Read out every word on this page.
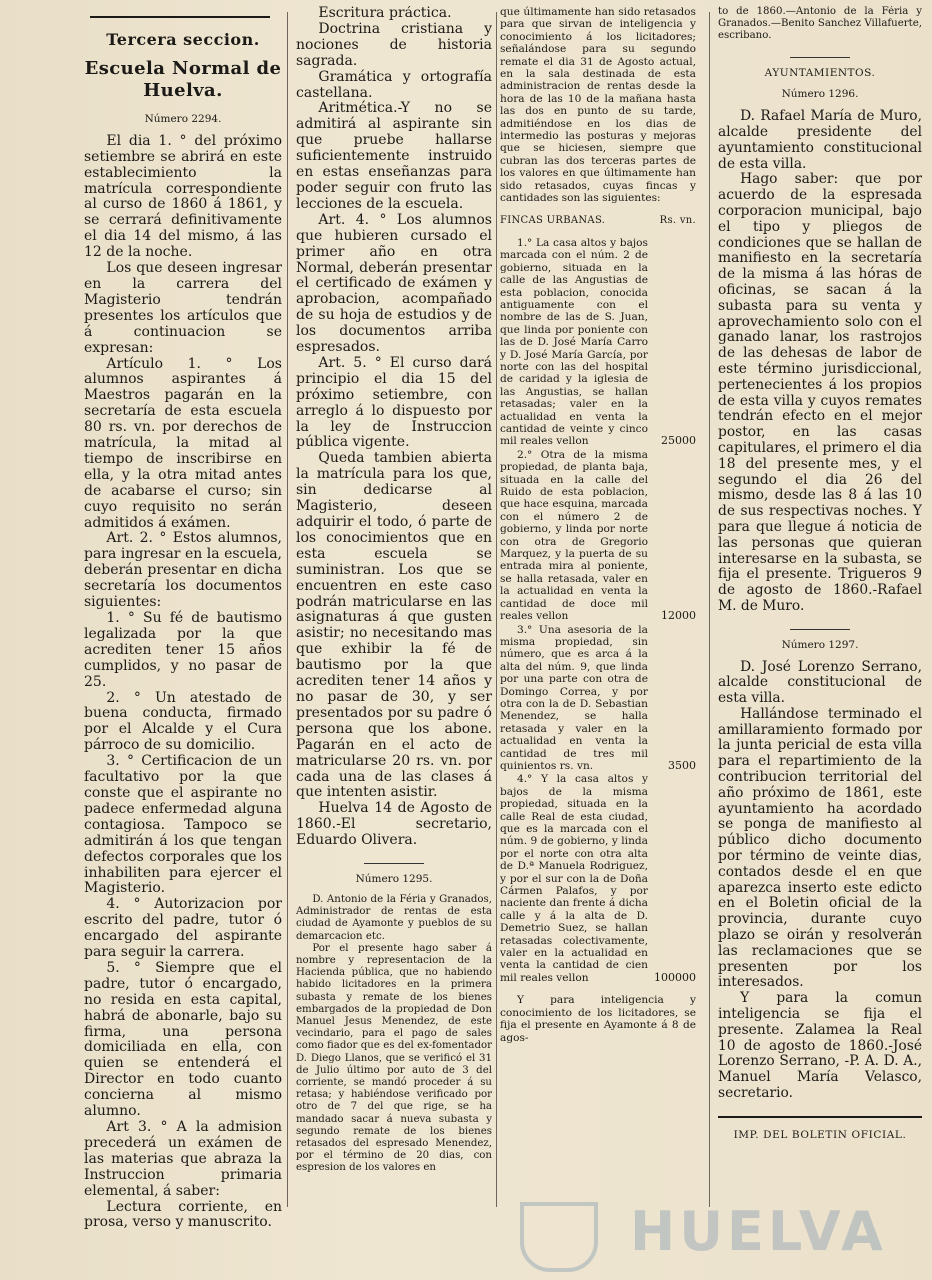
Tercera seccion.
Escuela Normal de Huelva.
Número 2294.

El dia 1. ° del próximo setiembre se abrirá en este establecimiento la matrícula correspondiente al curso de 1860 á 1861, y se cerrará definitivamente el dia 14 del mismo, á las 12 de la noche.

Los que deseen ingresar en la carrera del Magisterio tendrán presentes los artículos que á continuacion se expresan:

Artículo 1. ° Los alumnos aspirantes á Maestros pagarán en la secretaría de esta escuela 80 rs. vn. por derechos de matrícula, la mitad al tiempo de inscribirse en ella, y la otra mitad antes de acabarse el curso; sin cuyo requisito no serán admitidos á exámen.

Art. 2. ° Estos alumnos, para ingresar en la escuela, deberán presentar en dicha secretaría los documentos siguientes:

1. ° Su fé de bautismo legalizada por la que acrediten tener 15 años cumplidos, y no pasar de 25.

2. ° Un atestado de buena conducta, firmado por el Alcalde y el Cura párroco de su domicilio.

3. ° Certificacion de un facultativo por la que conste que el aspirante no padece enfermedad alguna contagiosa. Tampoco se admitirán á los que tengan defectos corporales que los inhabiliten para ejercer el Magisterio.

4. ° Autorizacion por escrito del padre, tutor ó encargado del aspirante para seguir la carrera.

5. ° Siempre que el padre, tutor ó encargado, no resida en esta capital, habrá de abonarle, bajo su firma, una persona domiciliada en ella, con quien se entenderá el Director en todo cuanto concierna al mismo alumno.

Art 3. ° A la admision precederá un exámen de las materias que abraza la Instruccion primaria elemental, á saber:

Lectura corriente, en prosa, verso y manuscrito.

Escritura práctica.

Doctrina cristiana y nociones de historia sagrada.

Gramática y ortografía castellana.

Aritmética.-Y no se admitirá al aspirante sin que pruebe hallarse suficientemente instruido en estas enseñanzas para poder seguir con fruto las lecciones de la escuela.

Art. 4. ° Los alumnos que hubieren cursado el primer año en otra Normal, deberán presentar el certificado de exámen y aprobacion, acompañado de su hoja de estudios y de los documentos arriba espresados.

Art. 5. ° El curso dará principio el dia 15 del próximo setiembre, con arreglo á lo dispuesto por la ley de Instruccion pública vigente.

Queda tambien abierta la matrícula para los que, sin dedicarse al Magisterio, deseen adquirir el todo, ó parte de los conocimientos que en esta escuela se suministran. Los que se encuentren en este caso podrán matricularse en las asignaturas á que gusten asistir; no necesitando mas que exhibir la fé de bautismo por la que acrediten tener 14 años y no pasar de 30, y ser presentados por su padre ó persona que los abone. Pagarán en el acto de matricularse 20 rs. vn. por cada una de las clases á que intenten asistir.

Huelva 14 de Agosto de 1860.-El secretario, Eduardo Olivera.

Número 1295.

D. Antonio de la Féria y Granados, Administrador de rentas de esta ciudad de Ayamonte y pueblos de su demarcacion etc.

Por el presente hago saber á nombre y representacion de la Hacienda pública, que no habiendo habido licitadores en la primera subasta y remate de los bienes embargados de la propiedad de Don Manuel Jesus Menendez, de este vecindario, para el pago de sales como fiador que es del ex-fomentador D. Diego Llanos, que se verificó el 31 de Julio último por auto de 3 del corriente, se mandó proceder á su retasa; y habiéndose verificado por otro de 7 del que rige, se ha mandado sacar á nueva subasta y segundo remate de los bienes retasados del espresado Menendez, por el término de 20 dias, con espresion de los valores en

que últimamente han sido retasados para que sirvan de inteligencia y conocimiento á los licitadores; señalándose para su segundo remate el dia 31 de Agosto actual, en la sala destinada de esta administracion de rentas desde la hora de las 10 de la mañana hasta las dos en punto de su tarde, admitiéndose en los dias de intermedio las posturas y mejoras que se hiciesen, siempre que cubran las dos terceras partes de los valores en que últimamente han sido retasados, cuyas fincas y cantidades son las siguientes:

FINCAS URBANAS.	Rs. vn.

1.° La casa altos y bajos marcada con el núm. 2 de gobierno, situada en la calle de las Angustias de esta poblacion, conocida antiguamente con el nombre de las de S. Juan, que linda por poniente con las de D. José María Carro y D. José María García, por norte con las del hospital de caridad y la iglesia de las Angustias, se hallan retasadas; valer en la actualidad en venta la cantidad de veinte y cinco mil reales vellon	25000

2.° Otra de la misma propiedad, de planta baja, situada en la calle del Ruido de esta poblacion, que hace esquina, marcada con el número 2 de gobierno, y linda por norte con otra de Gregorio Marquez, y la puerta de su entrada mira al poniente, se halla retasada, valer en la actualidad en venta la cantidad de doce mil reales vellon	12000

3.° Una asesoria de la misma propiedad, sin número, que es arca á la alta del núm. 9, que linda por una parte con otra de Domingo Correa, y por otra con la de D. Sebastian Menendez, se halla retasada y valer en la actualidad en venta la cantidad de tres mil quinientos rs. vn.	3500

4.° Y la casa altos y bajos de la misma propiedad, situada en la calle Real de esta ciudad, que es la marcada con el núm. 9 de gobierno, y linda por el norte con otra alta de D.ª Manuela Rodriguez, y por el sur con la de Doña Cármen Palafos, y por naciente dan frente á dicha calle y á la alta de D. Demetrio Suez, se hallan retasadas colectivamente, valer en la actualidad en venta la cantidad de cien mil reales vellon	100000

Y para inteligencia y conocimiento de los licitadores, se fija el presente en Ayamonte á 8 de agos-

to de 1860.—Antonio de la Féria y Granados.—Benito Sanchez Villafuerte, escribano.

AYUNTAMIENTOS.
Número 1296.

D. Rafael María de Muro, alcalde presidente del ayuntamiento constitucional de esta villa.

Hago saber: que por acuerdo de la espresada corporacion municipal, bajo el tipo y pliegos de condiciones que se hallan de manifiesto en la secretaría de la misma á las hóras de oficinas, se sacan á la subasta para su venta y aprovechamiento solo con el ganado lanar, los rastrojos de las dehesas de labor de este término jurisdiccional, pertenecientes á los propios de esta villa y cuyos remates tendrán efecto en el mejor postor, en las casas capitulares, el primero el dia 18 del presente mes, y el segundo el dia 26 del mismo, desde las 8 á las 10 de sus respectivas noches. Y para que llegue á noticia de las personas que quieran interesarse en la subasta, se fija el presente. Trigueros 9 de agosto de 1860.-Rafael M. de Muro.

Número 1297.

D. José Lorenzo Serrano, alcalde constitucional de esta villa.

Hallándose terminado el amillaramiento formado por la junta pericial de esta villa para el repartimiento de la contribucion territorial del año próximo de 1861, este ayuntamiento ha acordado se ponga de manifiesto al público dicho documento por término de veinte dias, contados desde el en que aparezca inserto este edicto en el Boletin oficial de la provincia, durante cuyo plazo se oirán y resolverán las reclamaciones que se presenten por los interesados.

Y para la comun inteligencia se fija el presente. Zalamea la Real 10 de agosto de 1860.-José Lorenzo Serrano, -P. A. D. A., Manuel María Velasco, secretario.

IMP. DEL BOLETIN OFICIAL.
HUELVA
